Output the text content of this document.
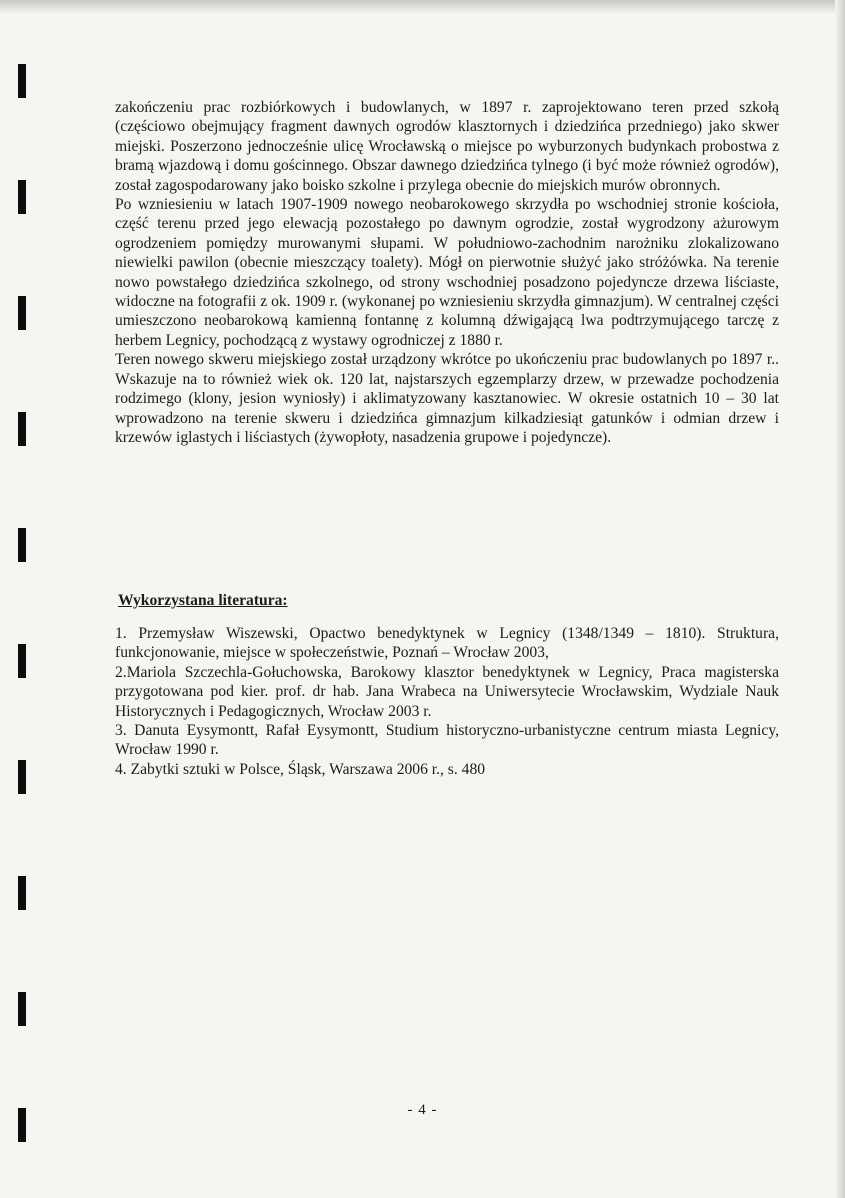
zakończeniu prac rozbiórkowych i budowlanych, w 1897 r. zaprojektowano teren przed szkołą (częściowo obejmujący fragment dawnych ogrodów klasztornych i dziedzińca przedniego) jako skwer miejski. Poszerzono jednocześnie ulicę Wrocławską o miejsce po wyburzonych budynkach probostwa z bramą wjazdową i domu gościnnego. Obszar dawnego dziedzińca tylnego (i być może również ogrodów), został zagospodarowany jako boisko szkolne i przylega obecnie do miejskich murów obronnych.

Po wzniesieniu w latach 1907-1909 nowego neobarokowego skrzydła po wschodniej stronie kościoła, część terenu przed jego elewacją pozostałego po dawnym ogrodzie, został wygrodzony ażurowym ogrodzeniem pomiędzy murowanymi słupami. W południowo-zachodnim narożniku zlokalizowano niewielki pawilon (obecnie mieszczący toalety). Mógł on pierwotnie służyć jako stróżówka. Na terenie nowo powstałego dziedzińca szkolnego, od strony wschodniej posadzono pojedyncze drzewa liściaste, widoczne na fotografii z ok. 1909 r. (wykonanej po wzniesieniu skrzydła gimnazjum). W centralnej części umieszczono neobarokową kamienną fontannę z kolumną dźwigającą lwa podtrzymującego tarczę z herbem Legnicy, pochodzącą z wystawy ogrodniczej z 1880 r.

Teren nowego skweru miejskiego został urządzony wkrótce po ukończeniu prac budowlanych po 1897 r.. Wskazuje na to również wiek ok. 120 lat, najstarszych egzemplarzy drzew, w przewadze pochodzenia rodzimego (klony, jesion wyniosły) i aklimatyzowany kasztanowiec. W okresie ostatnich 10 – 30 lat wprowadzono na terenie skweru i dziedzińca gimnazjum kilkadziesiąt gatunków i odmian drzew i krzewów iglastych i liściastych (żywopłoty, nasadzenia grupowe i pojedyncze).

Wykorzystana literatura:

1. Przemysław Wiszewski, Opactwo benedyktynek w Legnicy (1348/1349 – 1810). Struktura, funkcjonowanie, miejsce w społeczeństwie, Poznań – Wrocław 2003,

2.Mariola Szczechla-Gołuchowska, Barokowy klasztor benedyktynek w Legnicy, Praca magisterska przygotowana pod kier. prof. dr hab. Jana Wrabeca na Uniwersytecie Wrocławskim, Wydziale Nauk Historycznych i Pedagogicznych, Wrocław 2003 r.

3. Danuta Eysymontt, Rafał Eysymontt, Studium historyczno-urbanistyczne centrum miasta Legnicy, Wrocław 1990 r.

4. Zabytki sztuki w Polsce, Śląsk, Warszawa 2006 r., s. 480

- 4 -
